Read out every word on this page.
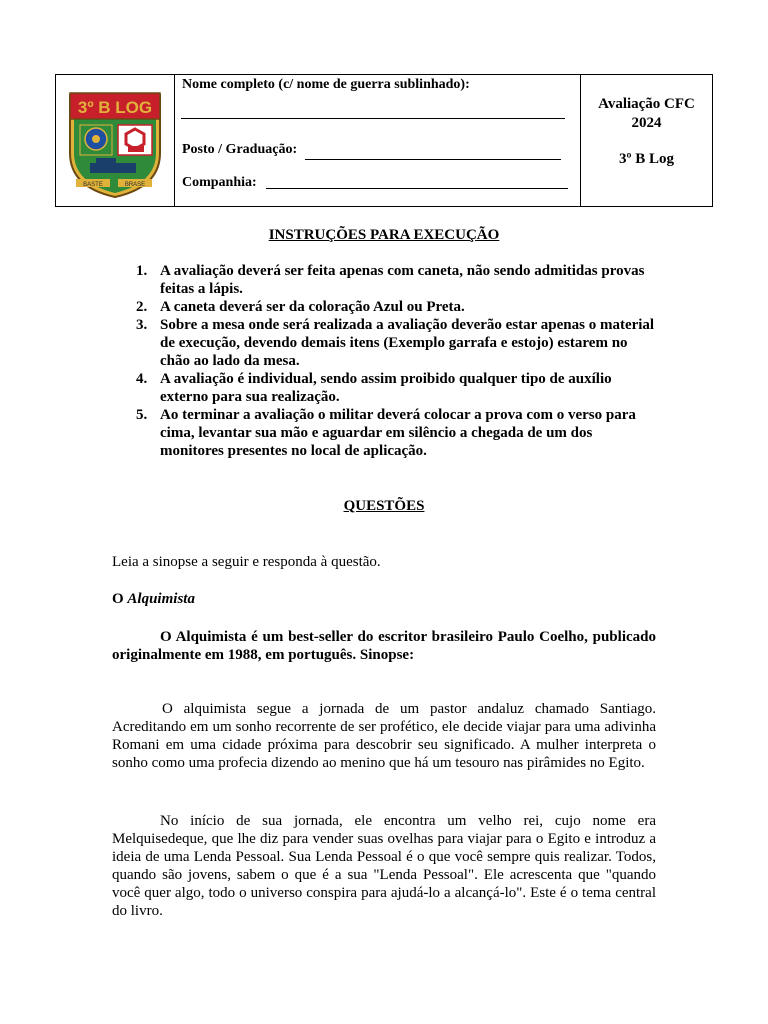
3º B LOG
BASTE	BRASE
Nome completo (c/ nome de guerra sublinhado):
Posto / Graduação:
Companhia:
Avaliação CFC
2024
3º B Log
INSTRUÇÕES PARA EXECUÇÃO
1. A avaliação deverá ser feita apenas com caneta, não sendo admitidas provas feitas a lápis.
2. A caneta deverá ser da coloração Azul ou Preta.
3. Sobre a mesa onde será realizada a avaliação deverão estar apenas o material de execução, devendo demais itens (Exemplo garrafa e estojo) estarem no chão ao lado da mesa.
4. A avaliação é individual, sendo assim proibido qualquer tipo de auxílio externo para sua realização.
5. Ao terminar a avaliação o militar deverá colocar a prova com o verso para cima, levantar sua mão e aguardar em silêncio a chegada de um dos monitores presentes no local de aplicação.
QUESTÕES
Leia a sinopse a seguir e responda à questão.
O Alquimista
O Alquimista é um best-seller do escritor brasileiro Paulo Coelho, publicado originalmente em 1988, em português. Sinopse:
O alquimista segue a jornada de um pastor andaluz chamado Santiago. Acreditando em um sonho recorrente de ser profético, ele decide viajar para uma adivinha Romani em uma cidade próxima para descobrir seu significado. A mulher interpreta o sonho como uma profecia dizendo ao menino que há um tesouro nas pirâmides no Egito.
No início de sua jornada, ele encontra um velho rei, cujo nome era Melquisedeque, que lhe diz para vender suas ovelhas para viajar para o Egito e introduz a ideia de uma Lenda Pessoal. Sua Lenda Pessoal é o que você sempre quis realizar. Todos, quando são jovens, sabem o que é a sua "Lenda Pessoal". Ele acrescenta que "quando você quer algo, todo o universo conspira para ajudá-lo a alcançá-lo". Este é o tema central do livro.
